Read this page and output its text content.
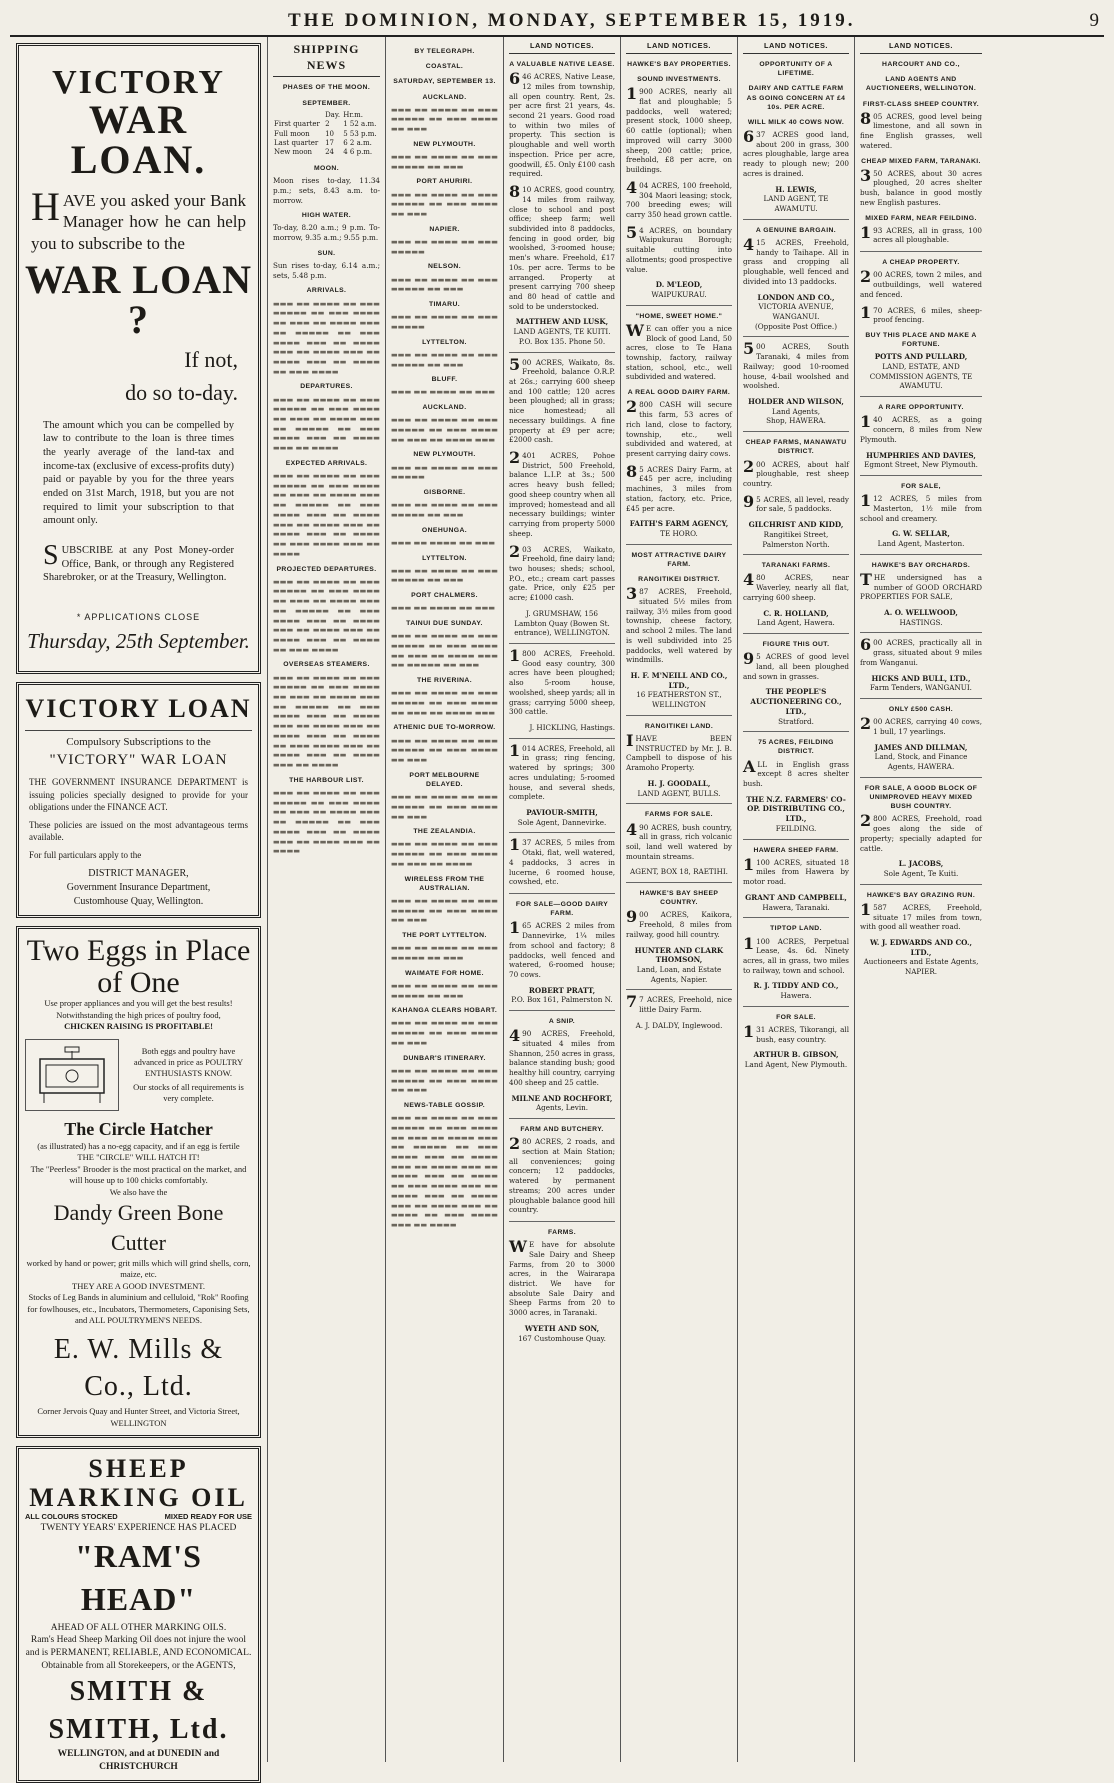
THE DOMINION, MONDAY, SEPTEMBER 15, 1919.	9
VICTORY
WAR LOAN.
HAVE you asked your Bank Manager how he can help you to subscribe to the
WAR LOAN ?
If not,
do so to-day.
The amount which you can be compelled by law to contribute to the loan is three times the yearly average of the land-tax and income-tax (exclusive of excess-profits duty) paid or payable by you for the three years ended on 31st March, 1918, but you are not required to limit your subscription to that amount only.
SUBSCRIBE at any Post Money-order Office, Bank, or through any Registered Sharebroker, or at the Treasury, Wellington.
* APPLICATIONS CLOSE
Thursday, 25th September.
VICTORY LOAN
Compulsory Subscriptions to the
"VICTORY" WAR LOAN

THE GOVERNMENT INSURANCE DEPARTMENT is issuing policies specially designed to provide for your obligations under the FINANCE ACT.

These policies are issued on the most advantageous terms available.

For full particulars apply to the

DISTRICT MANAGER,
Government Insurance Department,
Customhouse Quay, Wellington.
Two Eggs in Place of One
Use proper appliances and you will get the best results!
Notwithstanding the high prices of poultry food,
CHICKEN RAISING IS PROFITABLE!
Both eggs and poultry have advanced in price as POULTRY ENTHUSIASTS KNOW.
Our stocks of all requirements is very complete.
The Circle Hatcher
(as illustrated) has a no-egg capacity, and if an egg is fertile
THE "CIRCLE" WILL HATCH IT!
The "Peerless" Brooder is the most practical on the market, and will house up to 100 chicks comfortably.
We also have the
Dandy Green Bone Cutter
worked by hand or power; grit mills which will grind shells, corn, maize, etc.
THEY ARE A GOOD INVESTMENT.
Stocks of Leg Bands in aluminium and celluloid, "Rok" Roofing for fowlhouses, etc., Incubators, Thermometers, Caponising Sets, and ALL POULTRYMEN'S NEEDS.
E. W. Mills & Co., Ltd.
Corner Jervois Quay and Hunter Street, and Victoria Street, WELLINGTON
SHEEP MARKING OIL
ALL COLOURS STOCKED	MIXED READY FOR USE
TWENTY YEARS' EXPERIENCE HAS PLACED
"RAM'S HEAD"
AHEAD OF ALL OTHER MARKING OILS.
Ram's Head Sheep Marking Oil does not injure the wool and is PERMANENT, RELIABLE, AND ECONOMICAL.
Obtainable from all Storekeepers, or the AGENTS,
SMITH & SMITH, Ltd.
WELLINGTON, and at DUNEDIN and CHRISTCHURCH
SHIPPING NEWS
PHASES OF THE MOON.
SEPTEMBER.
	Day.	Hr.m.
First quarter	2	1 52 a.m.
Full moon	10	5 53 p.m.
Last quarter	17	6 2 a.m.
New moon	24	4 6 p.m.
MOON.
Moon rises to-day, 11.34 p.m.; sets, 8.43 a.m. to-morrow.
HIGH WATER.
To-day, 8.20 a.m.; 9 p.m. To-morrow, 9.35 a.m.; 9.55 p.m.
SUN.
Sun rises to-day, 6.14 a.m.; sets, 5.48 p.m.
ARRIVALS.
▬▬▬ ▬▬ ▬▬▬▬ ▬▬ ▬▬▬ ▬▬▬▬▬ ▬▬ ▬▬▬ ▬▬▬▬ ▬▬ ▬▬▬ ▬▬ ▬▬▬▬ ▬▬▬ ▬▬ ▬▬▬▬▬ ▬▬ ▬▬▬ ▬▬▬▬ ▬▬▬ ▬▬ ▬▬▬▬ ▬▬▬ ▬▬ ▬▬▬▬ ▬▬▬ ▬▬ ▬▬▬▬ ▬▬▬ ▬▬ ▬▬▬▬ ▬▬ ▬▬▬ ▬▬▬▬
DEPARTURES.
▬▬▬ ▬▬ ▬▬▬▬ ▬▬ ▬▬▬ ▬▬▬▬▬ ▬▬ ▬▬▬ ▬▬▬▬ ▬▬ ▬▬▬ ▬▬ ▬▬▬▬ ▬▬▬ ▬▬ ▬▬▬▬▬ ▬▬ ▬▬▬ ▬▬▬▬ ▬▬▬ ▬▬ ▬▬▬▬ ▬▬▬ ▬▬ ▬▬▬▬
EXPECTED ARRIVALS.
▬▬▬ ▬▬ ▬▬▬▬ ▬▬ ▬▬▬ ▬▬▬▬▬ ▬▬ ▬▬▬ ▬▬▬▬ ▬▬ ▬▬▬ ▬▬ ▬▬▬▬ ▬▬▬ ▬▬ ▬▬▬▬▬ ▬▬ ▬▬▬ ▬▬▬▬ ▬▬▬ ▬▬ ▬▬▬▬ ▬▬▬ ▬▬ ▬▬▬▬ ▬▬▬ ▬▬ ▬▬▬▬ ▬▬▬ ▬▬ ▬▬▬▬ ▬▬ ▬▬▬ ▬▬▬▬ ▬▬▬ ▬▬ ▬▬▬▬
PROJECTED DEPARTURES.
▬▬▬ ▬▬ ▬▬▬▬ ▬▬ ▬▬▬ ▬▬▬▬▬ ▬▬ ▬▬▬ ▬▬▬▬ ▬▬ ▬▬▬ ▬▬ ▬▬▬▬ ▬▬▬ ▬▬ ▬▬▬▬▬ ▬▬ ▬▬▬ ▬▬▬▬ ▬▬▬ ▬▬ ▬▬▬▬ ▬▬▬ ▬▬ ▬▬▬▬ ▬▬▬ ▬▬ ▬▬▬▬ ▬▬▬ ▬▬ ▬▬▬▬ ▬▬ ▬▬▬ ▬▬▬▬
OVERSEAS STEAMERS.
▬▬▬ ▬▬ ▬▬▬▬ ▬▬ ▬▬▬ ▬▬▬▬▬ ▬▬ ▬▬▬ ▬▬▬▬ ▬▬ ▬▬▬ ▬▬ ▬▬▬▬ ▬▬▬ ▬▬ ▬▬▬▬▬ ▬▬ ▬▬▬ ▬▬▬▬ ▬▬▬ ▬▬ ▬▬▬▬ ▬▬▬ ▬▬ ▬▬▬▬ ▬▬▬ ▬▬ ▬▬▬▬ ▬▬▬ ▬▬ ▬▬▬▬ ▬▬ ▬▬▬ ▬▬▬▬ ▬▬▬ ▬▬ ▬▬▬▬ ▬▬▬ ▬▬ ▬▬▬▬ ▬▬▬ ▬▬ ▬▬▬▬
THE HARBOUR LIST.
▬▬▬ ▬▬ ▬▬▬▬ ▬▬ ▬▬▬ ▬▬▬▬▬ ▬▬ ▬▬▬ ▬▬▬▬ ▬▬ ▬▬▬ ▬▬ ▬▬▬▬ ▬▬▬ ▬▬ ▬▬▬▬▬ ▬▬ ▬▬▬ ▬▬▬▬ ▬▬▬ ▬▬ ▬▬▬▬ ▬▬▬ ▬▬ ▬▬▬▬ ▬▬▬ ▬▬ ▬▬▬▬
BY TELEGRAPH.
COASTAL.
SATURDAY, SEPTEMBER 13.
AUCKLAND.
▬▬▬ ▬▬ ▬▬▬▬ ▬▬ ▬▬▬ ▬▬▬▬▬ ▬▬ ▬▬▬ ▬▬▬▬ ▬▬ ▬▬▬
NEW PLYMOUTH.
▬▬▬ ▬▬ ▬▬▬▬ ▬▬ ▬▬▬ ▬▬▬▬▬ ▬▬ ▬▬▬
PORT AHURIRI.
▬▬▬ ▬▬ ▬▬▬▬ ▬▬ ▬▬▬ ▬▬▬▬▬ ▬▬ ▬▬▬ ▬▬▬▬ ▬▬ ▬▬▬
NAPIER.
▬▬▬ ▬▬ ▬▬▬▬ ▬▬ ▬▬▬ ▬▬▬▬▬
NELSON.
▬▬▬ ▬▬ ▬▬▬▬ ▬▬ ▬▬▬ ▬▬▬▬▬ ▬▬ ▬▬▬
TIMARU.
▬▬▬ ▬▬ ▬▬▬▬ ▬▬ ▬▬▬ ▬▬▬▬▬
LYTTELTON.
▬▬▬ ▬▬ ▬▬▬▬ ▬▬ ▬▬▬ ▬▬▬▬▬ ▬▬ ▬▬▬
BLUFF.
▬▬▬ ▬▬ ▬▬▬▬ ▬▬ ▬▬▬
AUCKLAND.
▬▬▬ ▬▬ ▬▬▬▬ ▬▬ ▬▬▬ ▬▬▬▬▬ ▬▬ ▬▬▬ ▬▬▬▬ ▬▬ ▬▬▬ ▬▬ ▬▬▬▬ ▬▬▬
NEW PLYMOUTH.
▬▬▬ ▬▬ ▬▬▬▬ ▬▬ ▬▬▬ ▬▬▬▬▬
GISBORNE.
▬▬▬ ▬▬ ▬▬▬▬ ▬▬ ▬▬▬ ▬▬▬▬▬ ▬▬ ▬▬▬
ONEHUNGA.
▬▬▬ ▬▬ ▬▬▬▬ ▬▬ ▬▬▬
LYTTELTON.
▬▬▬ ▬▬ ▬▬▬▬ ▬▬ ▬▬▬ ▬▬▬▬▬ ▬▬ ▬▬▬
PORT CHALMERS.
▬▬▬ ▬▬ ▬▬▬▬ ▬▬ ▬▬▬
TAINUI DUE SUNDAY.
▬▬▬ ▬▬ ▬▬▬▬ ▬▬ ▬▬▬ ▬▬▬▬▬ ▬▬ ▬▬▬ ▬▬▬▬ ▬▬ ▬▬▬ ▬▬ ▬▬▬▬ ▬▬▬ ▬▬ ▬▬▬▬▬ ▬▬ ▬▬▬
THE RIVERINA.
▬▬▬ ▬▬ ▬▬▬▬ ▬▬ ▬▬▬ ▬▬▬▬▬ ▬▬ ▬▬▬ ▬▬▬▬ ▬▬ ▬▬▬ ▬▬ ▬▬▬▬ ▬▬▬
ATHENIC DUE TO-MORROW.
▬▬▬ ▬▬ ▬▬▬▬ ▬▬ ▬▬▬ ▬▬▬▬▬ ▬▬ ▬▬▬ ▬▬▬▬ ▬▬ ▬▬▬
PORT MELBOURNE DELAYED.
▬▬▬ ▬▬ ▬▬▬▬ ▬▬ ▬▬▬ ▬▬▬▬▬ ▬▬ ▬▬▬ ▬▬▬▬ ▬▬ ▬▬▬
THE ZEALANDIA.
▬▬▬ ▬▬ ▬▬▬▬ ▬▬ ▬▬▬ ▬▬▬▬▬ ▬▬ ▬▬▬ ▬▬▬▬ ▬▬ ▬▬▬ ▬▬ ▬▬▬▬
WIRELESS FROM THE AUSTRALIAN.
▬▬▬ ▬▬ ▬▬▬▬ ▬▬ ▬▬▬ ▬▬▬▬▬ ▬▬ ▬▬▬ ▬▬▬▬ ▬▬ ▬▬▬
THE PORT LYTTELTON.
▬▬▬ ▬▬ ▬▬▬▬ ▬▬ ▬▬▬ ▬▬▬▬▬ ▬▬ ▬▬▬
WAIMATE FOR HOME.
▬▬▬ ▬▬ ▬▬▬▬ ▬▬ ▬▬▬ ▬▬▬▬▬ ▬▬ ▬▬▬
KAHANGA CLEARS HOBART.
▬▬▬ ▬▬ ▬▬▬▬ ▬▬ ▬▬▬ ▬▬▬▬▬ ▬▬ ▬▬▬ ▬▬▬▬ ▬▬ ▬▬▬
DUNBAR'S ITINERARY.
▬▬▬ ▬▬ ▬▬▬▬ ▬▬ ▬▬▬ ▬▬▬▬▬ ▬▬ ▬▬▬ ▬▬▬▬ ▬▬ ▬▬▬
NEWS-TABLE GOSSIP.
▬▬▬ ▬▬ ▬▬▬▬ ▬▬ ▬▬▬ ▬▬▬▬▬ ▬▬ ▬▬▬ ▬▬▬▬ ▬▬ ▬▬▬ ▬▬ ▬▬▬▬ ▬▬▬ ▬▬ ▬▬▬▬▬ ▬▬ ▬▬▬ ▬▬▬▬ ▬▬▬ ▬▬ ▬▬▬▬ ▬▬▬ ▬▬ ▬▬▬▬ ▬▬▬ ▬▬ ▬▬▬▬ ▬▬▬ ▬▬ ▬▬▬▬ ▬▬ ▬▬▬ ▬▬▬▬ ▬▬▬ ▬▬ ▬▬▬▬ ▬▬▬ ▬▬ ▬▬▬▬ ▬▬▬ ▬▬ ▬▬▬▬ ▬▬▬ ▬▬ ▬▬▬▬ ▬▬ ▬▬▬ ▬▬▬▬ ▬▬▬ ▬▬ ▬▬▬▬
LAND NOTICES.
A VALUABLE NATIVE LEASE.
646 ACRES, Native Lease, 12 miles from township, all open country. Rent, 2s. per acre first 21 years, 4s. second 21 years. Good road to within two miles of property. This section is ploughable and well worth inspection. Price per acre, goodwill, £5. Only £100 cash required.
810 ACRES, good country, 14 miles from railway, close to school and post office; sheep farm; well subdivided into 8 paddocks, fencing in good order, big woolshed, 3-roomed house; men's whare. Freehold, £17 10s. per acre. Terms to be arranged. Property at present carrying 700 sheep and 80 head of cattle and sold to be understocked.
MATTHEW AND LUSK,
LAND AGENTS, TE KUITI.
P.O. Box 135. Phone 50.
500 ACRES, Waikato, 8s. Freehold, balance O.R.P. at 26s.; carrying 600 sheep and 100 cattle; 120 acres been ploughed; all in grass; nice homestead; all necessary buildings. A fine property at £9 per acre; £2000 cash.
2401 ACRES, Pohoe District, 500 Freehold, balance L.I.P. at 3s.; 500 acres heavy bush felled; good sheep country when all improved; homestead and all necessary buildings; winter carrying from property 5000 sheep.
203 ACRES, Waikato, Freehold, fine dairy land; two houses; sheds; school, P.O., etc.; cream cart passes gate. Price, only £25 per acre; £1000 cash.
J. GRUMSHAW, 156 Lambton Quay (Bowen St. entrance), WELLINGTON.
1800 ACRES, Freehold. Good easy country, 300 acres have been ploughed; also 5-room house, woolshed, sheep yards; all in grass; carrying 5000 sheep, 300 cattle.
J. HICKLING, Hastings.
1014 ACRES, Freehold, all in grass; ring fencing, watered by springs; 300 acres undulating; 5-roomed house, and several sheds, complete.
PAVIOUR-SMITH,
Sole Agent, Dannevirke.
137 ACRES, 5 miles from Otaki, flat, well watered, 4 paddocks, 3 acres in lucerne, 6 roomed house, cowshed, etc.
FOR SALE—GOOD DAIRY FARM.
165 ACRES 2 miles from Dannevirke, 1¼ miles from school and factory; 8 paddocks, well fenced and watered, 6-roomed house; 70 cows.
ROBERT PRATT,
P.O. Box 161, Palmerston N.
A SNIP.
490 ACRES, Freehold, situated 4 miles from Shannon, 250 acres in grass, balance standing bush; good healthy hill country, carrying 400 sheep and 25 cattle.
MILNE AND ROCHFORT,
Agents, Levin.
FARM AND BUTCHERY.
280 ACRES, 2 roads, and section at Main Station; all conveniences; going concern; 12 paddocks, watered by permanent streams; 200 acres under ploughable balance good hill country.
FARMS.
WE have for absolute Sale Dairy and Sheep Farms, from 20 to 3000 acres, in the Wairarapa district. We have for absolute Sale Dairy and Sheep Farms from 20 to 3000 acres, in Taranaki.
WYETH AND SON,
167 Customhouse Quay.
LAND NOTICES.
HAWKE'S BAY PROPERTIES.
SOUND INVESTMENTS.
1900 ACRES, nearly all flat and ploughable; 5 paddocks, well watered; present stock, 1000 sheep, 60 cattle (optional); when improved will carry 3000 sheep, 200 cattle; price, freehold, £8 per acre, on buildings.
404 ACRES, 100 freehold, 304 Maori leasing; stock, 700 breeding ewes; will carry 350 head grown cattle.
54 ACRES, on boundary Waipukurau Borough; suitable cutting into allotments; good prospective value.
D. M'LEOD,
WAIPUKURAU.
"HOME, SWEET HOME."
WE can offer you a nice Block of good Land, 50 acres, close to Te Hana township, factory, railway station, school, etc., well subdivided and watered.
A REAL GOOD DAIRY FARM.
2800 CASH will secure this farm, 53 acres of rich land, close to factory, township, etc., well subdivided and watered, at present carrying dairy cows.
85 ACRES Dairy Farm, at £45 per acre, including machines, 3 miles from station, factory, etc. Price, £45 per acre.
FAITH'S FARM AGENCY,
TE HORO.
MOST ATTRACTIVE DAIRY FARM.
RANGITIKEI DISTRICT.
387 ACRES, Freehold, situated 5½ miles from railway, 3½ miles from good township, cheese factory, and school 2 miles. The land is well subdivided into 25 paddocks, well watered by windmills.
H. F. M'NEILL AND CO., LTD.,
16 FEATHERSTON ST., WELLINGTON
RANGITIKEI LAND.
IHAVE BEEN INSTRUCTED by Mr. J. B. Campbell to dispose of his Aramoho Property.
H. J. GOODALL,
LAND AGENT, BULLS.
FARMS FOR SALE.
490 ACRES, bush country, all in grass, rich volcanic soil, land well watered by mountain streams.
AGENT, BOX 18, RAETIHI.
HAWKE'S BAY SHEEP COUNTRY.
900 ACRES, Kaikora, Freehold, 8 miles from railway, good hill country.
HUNTER AND CLARK THOMSON,
Land, Loan, and Estate Agents, Napier.
77 ACRES, Freehold, nice little Dairy Farm.
A. J. DALDY, Inglewood.
LAND NOTICES.
OPPORTUNITY OF A LIFETIME.
DAIRY AND CATTLE FARM AS GOING CONCERN AT £4 10s. PER ACRE.
WILL MILK 40 COWS NOW.
637 ACRES good land, about 200 in grass, 300 acres ploughable, large area ready to plough new; 200 acres is drained.
H. LEWIS,
LAND AGENT, TE AWAMUTU.
A GENUINE BARGAIN.
415 ACRES, Freehold, handy to Taihape. All in grass and cropping all ploughable, well fenced and divided into 13 paddocks.
LONDON AND CO.,
VICTORIA AVENUE, WANGANUI.
(Opposite Post Office.)
500 ACRES, South Taranaki, 4 miles from Railway; good 10-roomed house, 4-bail woolshed and woolshed.
HOLDER AND WILSON,
Land Agents,
Shop, HAWERA.
CHEAP FARMS, MANAWATU DISTRICT.
200 ACRES, about half ploughable, rest sheep country.
95 ACRES, all level, ready for sale, 5 paddocks.
GILCHRIST AND KIDD,
Rangitikei Street, Palmerston North.
TARANAKI FARMS.
480 ACRES, near Waverley, nearly all flat, carrying 600 sheep.
C. R. HOLLAND,
Land Agent, Hawera.
FIGURE THIS OUT.
95 ACRES of good level land, all been ploughed and sown in grasses.
THE PEOPLE'S AUCTIONEERING CO., LTD.,
Stratford.
75 ACRES, FEILDING DISTRICT.
ALL in English grass except 8 acres shelter bush.
THE N.Z. FARMERS' CO-OP. DISTRIBUTING CO., LTD.,
FEILDING.
HAWERA SHEEP FARM.
1100 ACRES, situated 18 miles from Hawera by motor road.
GRANT AND CAMPBELL,
Hawera, Taranaki.
TIPTOP LAND.
1100 ACRES, Perpetual Lease, 4s. 6d. Ninety acres, all in grass, two miles to railway, town and school.
R. J. TIDDY AND CO.,
Hawera.
FOR SALE.
131 ACRES, Tikorangi, all bush, easy country.
ARTHUR B. GIBSON,
Land Agent, New Plymouth.
LAND NOTICES.
HARCOURT AND CO.,
LAND AGENTS AND AUCTIONEERS, WELLINGTON.
FIRST-CLASS SHEEP COUNTRY.
805 ACRES, good level being limestone, and all sown in fine English grasses, well watered.
CHEAP MIXED FARM, TARANAKI.
350 ACRES, about 30 acres ploughed, 20 acres shelter bush, balance in good mostly new English pastures.
MIXED FARM, NEAR FEILDING.
193 ACRES, all in grass, 100 acres all ploughable.
A CHEAP PROPERTY.
200 ACRES, town 2 miles, and outbuildings, well watered and fenced.
170 ACRES, 6 miles, sheep-proof fencing.
BUY THIS PLACE AND MAKE A FORTUNE.
POTTS AND PULLARD,
LAND, ESTATE, AND COMMISSION AGENTS, TE AWAMUTU.
A RARE OPPORTUNITY.
140 ACRES, as a going concern, 8 miles from New Plymouth.
HUMPHRIES AND DAVIES,
Egmont Street, New Plymouth.
FOR SALE,
112 ACRES, 5 miles from Masterton, 1½ mile from school and creamery.
G. W. SELLAR,
Land Agent, Masterton.
HAWKE'S BAY ORCHARDS.
THE undersigned has a number of GOOD ORCHARD PROPERTIES FOR SALE,
A. O. WELLWOOD,
HASTINGS.
600 ACRES, practically all in grass, situated about 9 miles from Wanganui.
HICKS AND BULL, LTD.,
Farm Tenders, WANGANUI.
ONLY £500 CASH.
200 ACRES, carrying 40 cows, 1 bull, 17 yearlings.
JAMES AND DILLMAN,
Land, Stock, and Finance Agents, HAWERA.
FOR SALE, A GOOD BLOCK OF UNIMPROVED HEAVY MIXED BUSH COUNTRY.
2800 ACRES, Freehold, road goes along the side of property; specially adapted for cattle.
L. JACOBS,
Sole Agent, Te Kuiti.
HAWKE'S BAY GRAZING RUN.
1587 ACRES, Freehold, situate 17 miles from town, with good all weather road.
W. J. EDWARDS AND CO., LTD.,
Auctioneers and Estate Agents, NAPIER.
